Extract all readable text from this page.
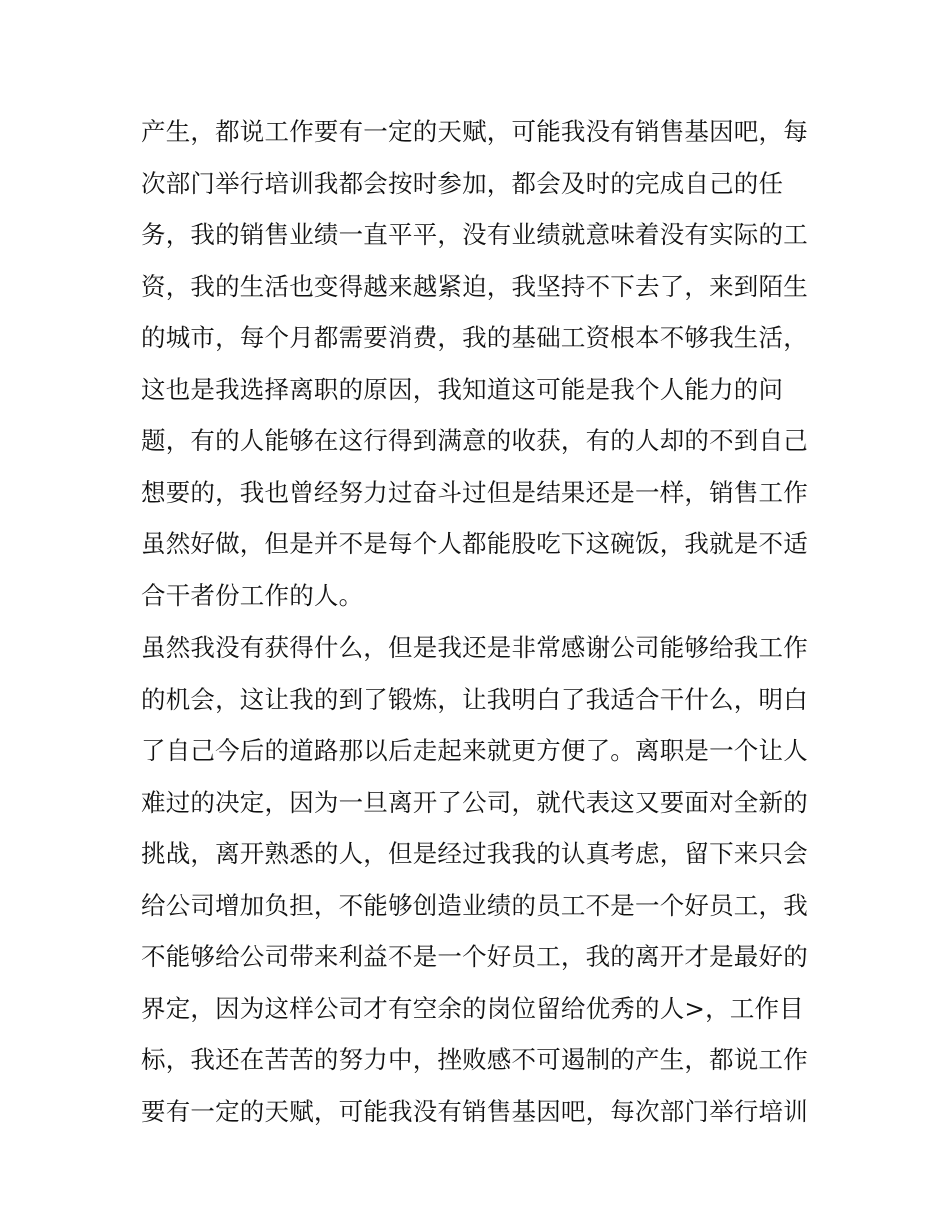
产生，都说工作要有一定的天赋，可能我没有销售基因吧，每
次部门举行培训我都会按时参加，都会及时的完成自己的任
务，我的销售业绩一直平平，没有业绩就意味着没有实际的工
资，我的生活也变得越来越紧迫，我坚持不下去了，来到陌生
的城市，每个月都需要消费，我的基础工资根本不够我生活，
这也是我选择离职的原因，我知道这可能是我个人能力的问
题，有的人能够在这行得到满意的收获，有的人却的不到自己
想要的，我也曾经努力过奋斗过但是结果还是一样，销售工作
虽然好做，但是并不是每个人都能股吃下这碗饭，我就是不适
合干者份工作的人。
虽然我没有获得什么，但是我还是非常感谢公司能够给我工作
的机会，这让我的到了锻炼，让我明白了我适合干什么，明白
了自己今后的道路那以后走起来就更方便了。离职是一个让人
难过的决定，因为一旦离开了公司，就代表这又要面对全新的
挑战，离开熟悉的人，但是经过我我的认真考虑，留下来只会
给公司增加负担，不能够创造业绩的员工不是一个好员工，我
不能够给公司带来利益不是一个好员工，我的离开才是最好的
界定，因为这样公司才有空余的岗位留给优秀的人>，工作目
标，我还在苦苦的努力中，挫败感不可遏制的产生，都说工作
要有一定的天赋，可能我没有销售基因吧，每次部门举行培训
